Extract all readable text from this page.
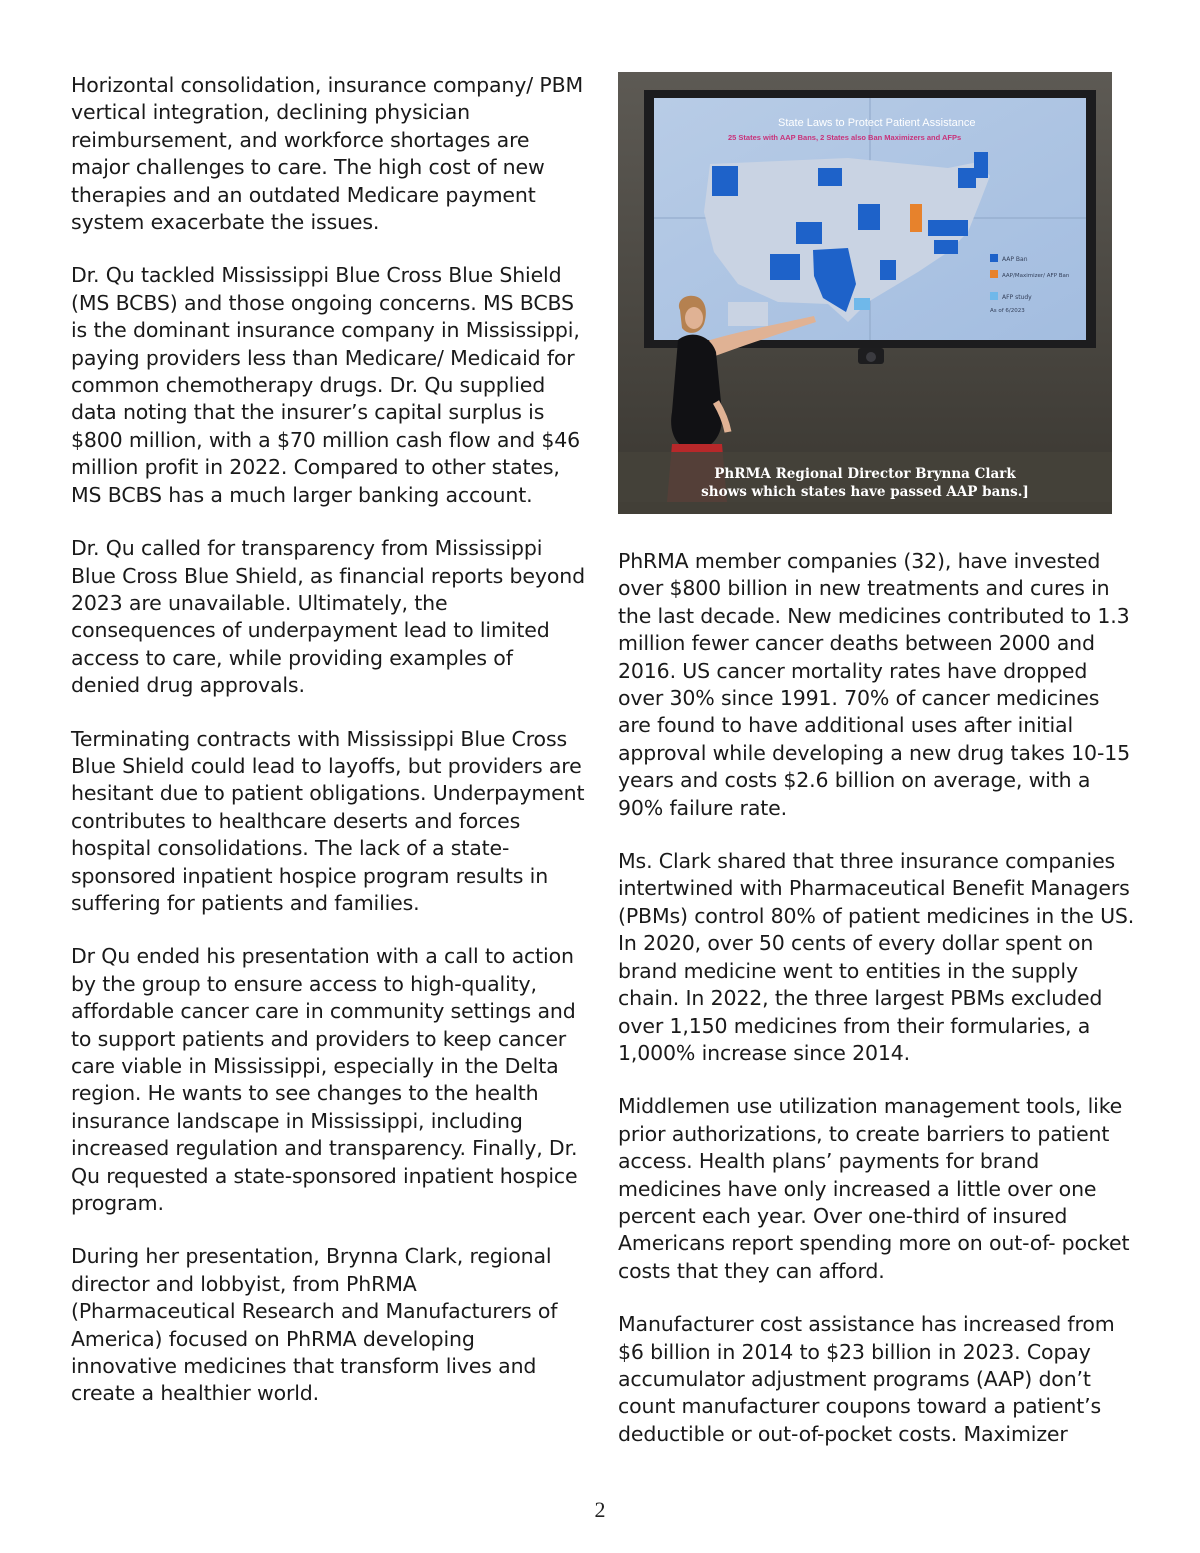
Horizontal consolidation, insurance company/ PBM vertical integration, declining physician reimbursement, and workforce shortages are major challenges to care. The high cost of new therapies and an outdated Medicare payment system exacerbate the issues.

Dr. Qu tackled Mississippi Blue Cross Blue Shield (MS BCBS) and those ongoing concerns. MS BCBS is the dominant insurance company in Mississippi, paying providers less than Medicare/ Medicaid for common chemotherapy drugs. Dr. Qu supplied data noting that the insurer’s capital surplus is $800 million, with a $70 million cash flow and $46 million profit in 2022. Compared to other states, MS BCBS has a much larger banking account.

Dr. Qu called for transparency from Mississippi Blue Cross Blue Shield, as financial reports beyond 2023 are unavailable. Ultimately, the consequences of underpayment lead to limited access to care, while providing examples of denied drug approvals.

Terminating contracts with Mississippi Blue Cross Blue Shield could lead to layoffs, but providers are hesitant due to patient obligations. Underpayment contributes to healthcare deserts and forces hospital consolidations. The lack of a state-sponsored inpatient hospice program results in suffering for patients and families.

Dr Qu ended his presentation with a call to action by the group to ensure access to high-quality, affordable cancer care in community settings and to support patients and providers to keep cancer care viable in Mississippi, especially in the Delta region. He wants to see changes to the health insurance landscape in Mississippi, including increased regulation and transparency. Finally, Dr. Qu requested a state-sponsored inpatient hospice program.

During her presentation, Brynna Clark, regional director and lobbyist, from PhRMA (Pharmaceutical Research and Manufacturers of America) focused on PhRMA developing innovative medicines that transform lives and create a healthier world.

State Laws to Protect Patient Assistance
25 States with AAP Bans, 2 States also Ban Maximizers and AFPs
AAP Ban
AAP/Maximizer/ AFP Ban
AFP study
As of 6/2023
PhRMA Regional Director Brynna Clark
shows which states have passed AAP bans.]

PhRMA member companies (32), have invested over $800 billion in new treatments and cures in the last decade. New medicines contributed to 1.3 million fewer cancer deaths between 2000 and 2016. US cancer mortality rates have dropped over 30% since 1991. 70% of cancer medicines are found to have additional uses after initial approval while developing a new drug takes 10-15 years and costs $2.6 billion on average, with a 90% failure rate.

Ms. Clark shared that three insurance companies intertwined with Pharmaceutical Benefit Managers (PBMs) control 80% of patient medicines in the US. In 2020, over 50 cents of every dollar spent on brand medicine went to entities in the supply chain. In 2022, the three largest PBMs excluded over 1,150 medicines from their formularies, a 1,000% increase since 2014.

Middlemen use utilization management tools, like prior authorizations, to create barriers to patient access. Health plans’ payments for brand medicines have only increased a little over one percent each year. Over one-third of insured Americans report spending more on out-of- pocket costs that they can afford.

Manufacturer cost assistance has increased from $6 billion in 2014 to $23 billion in 2023. Copay accumulator adjustment programs (AAP) don’t count manufacturer coupons toward a patient’s deductible or out-of-pocket costs. Maximizer

2
